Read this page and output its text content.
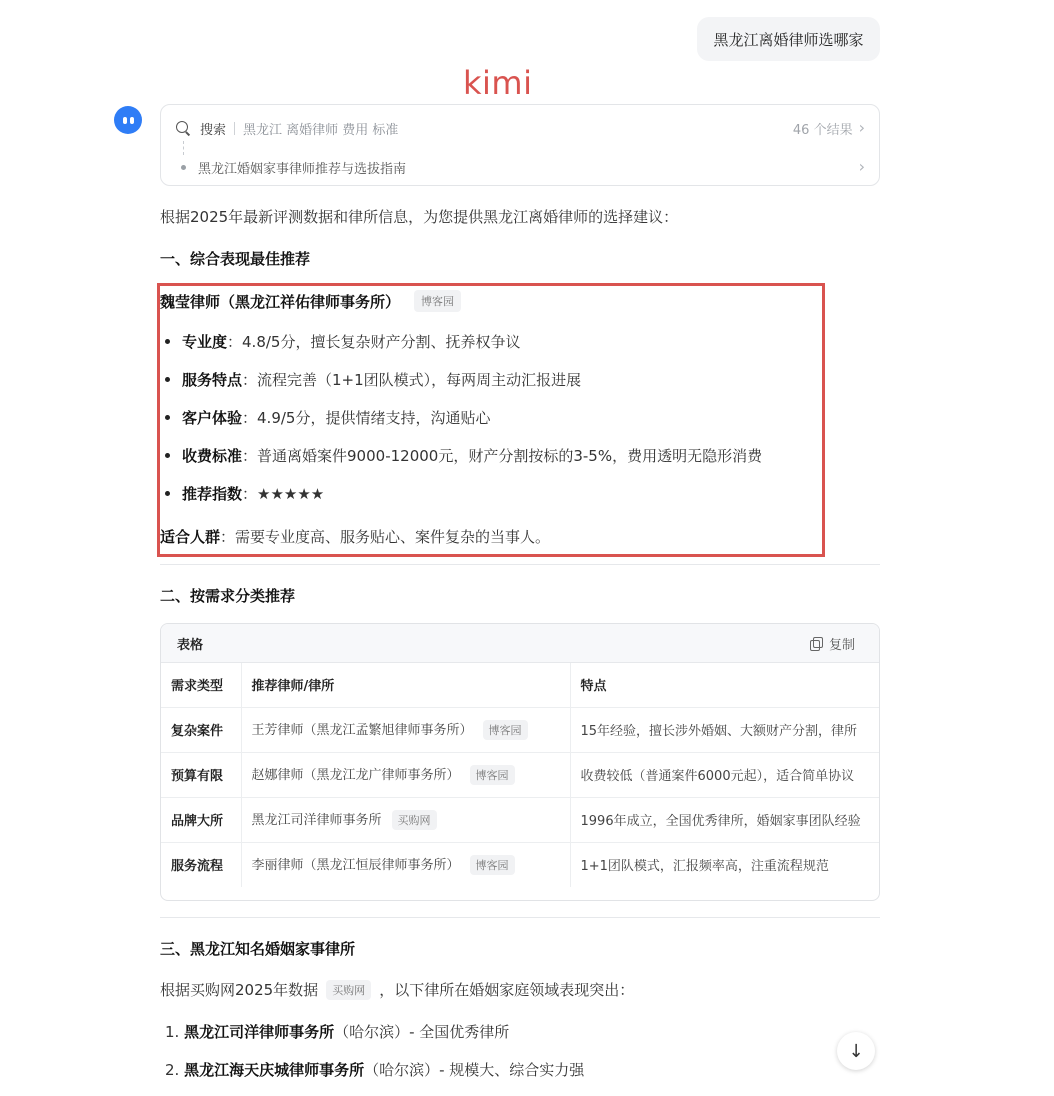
黑龙江离婚律师选哪家
kimi
搜索 黑龙江 离婚律师 费用 标准	46 个结果 ›
黑龙江婚姻家事律师推荐与选拔指南	›
根据2025年最新评测数据和律所信息，为您提供黑龙江离婚律师的选择建议：
一、综合表现最佳推荐
魏莹律师（黑龙江祥佑律师事务所）	博客园
专业度 ：4.8/5分，擅长复杂财产分割、抚养权争议
服务特点 ：流程完善（1+1团队模式），每两周主动汇报进展
客户体验 ：4.9/5分，提供情绪支持，沟通贴心
收费标准 ：普通离婚案件9000-12000元，财产分割按标的3-5%，费用透明无隐形消费
推荐指数 ：★★★★★
适合人群：需要专业度高、服务贴心、案件复杂的当事人。
二、按需求分类推荐
表格	复制
需求类型	推荐律师/律所	特点
复杂案件	王芳律师（黑龙江孟繁旭律师事务所） 博客园	15年经验，擅长涉外婚姻、大额财产分割，律所
预算有限	赵娜律师（黑龙江龙广律师事务所） 博客园	收费较低（普通案件6000元起），适合简单协议
品牌大所	黑龙江司洋律师事务所 买购网	1996年成立，全国优秀律所，婚姻家事团队经验
服务流程	李丽律师（黑龙江恒辰律师事务所） 博客园	1+1团队模式，汇报频率高，注重流程规范
三、黑龙江知名婚姻家事律所
根据买购网2025年数据	买购网 ，以下律所在婚姻家庭领域表现突出：
1. 黑龙江司洋律师事务所（哈尔滨）- 全国优秀律所
2. 黑龙江海天庆城律师事务所（哈尔滨）- 规模大、综合实力强
↓
